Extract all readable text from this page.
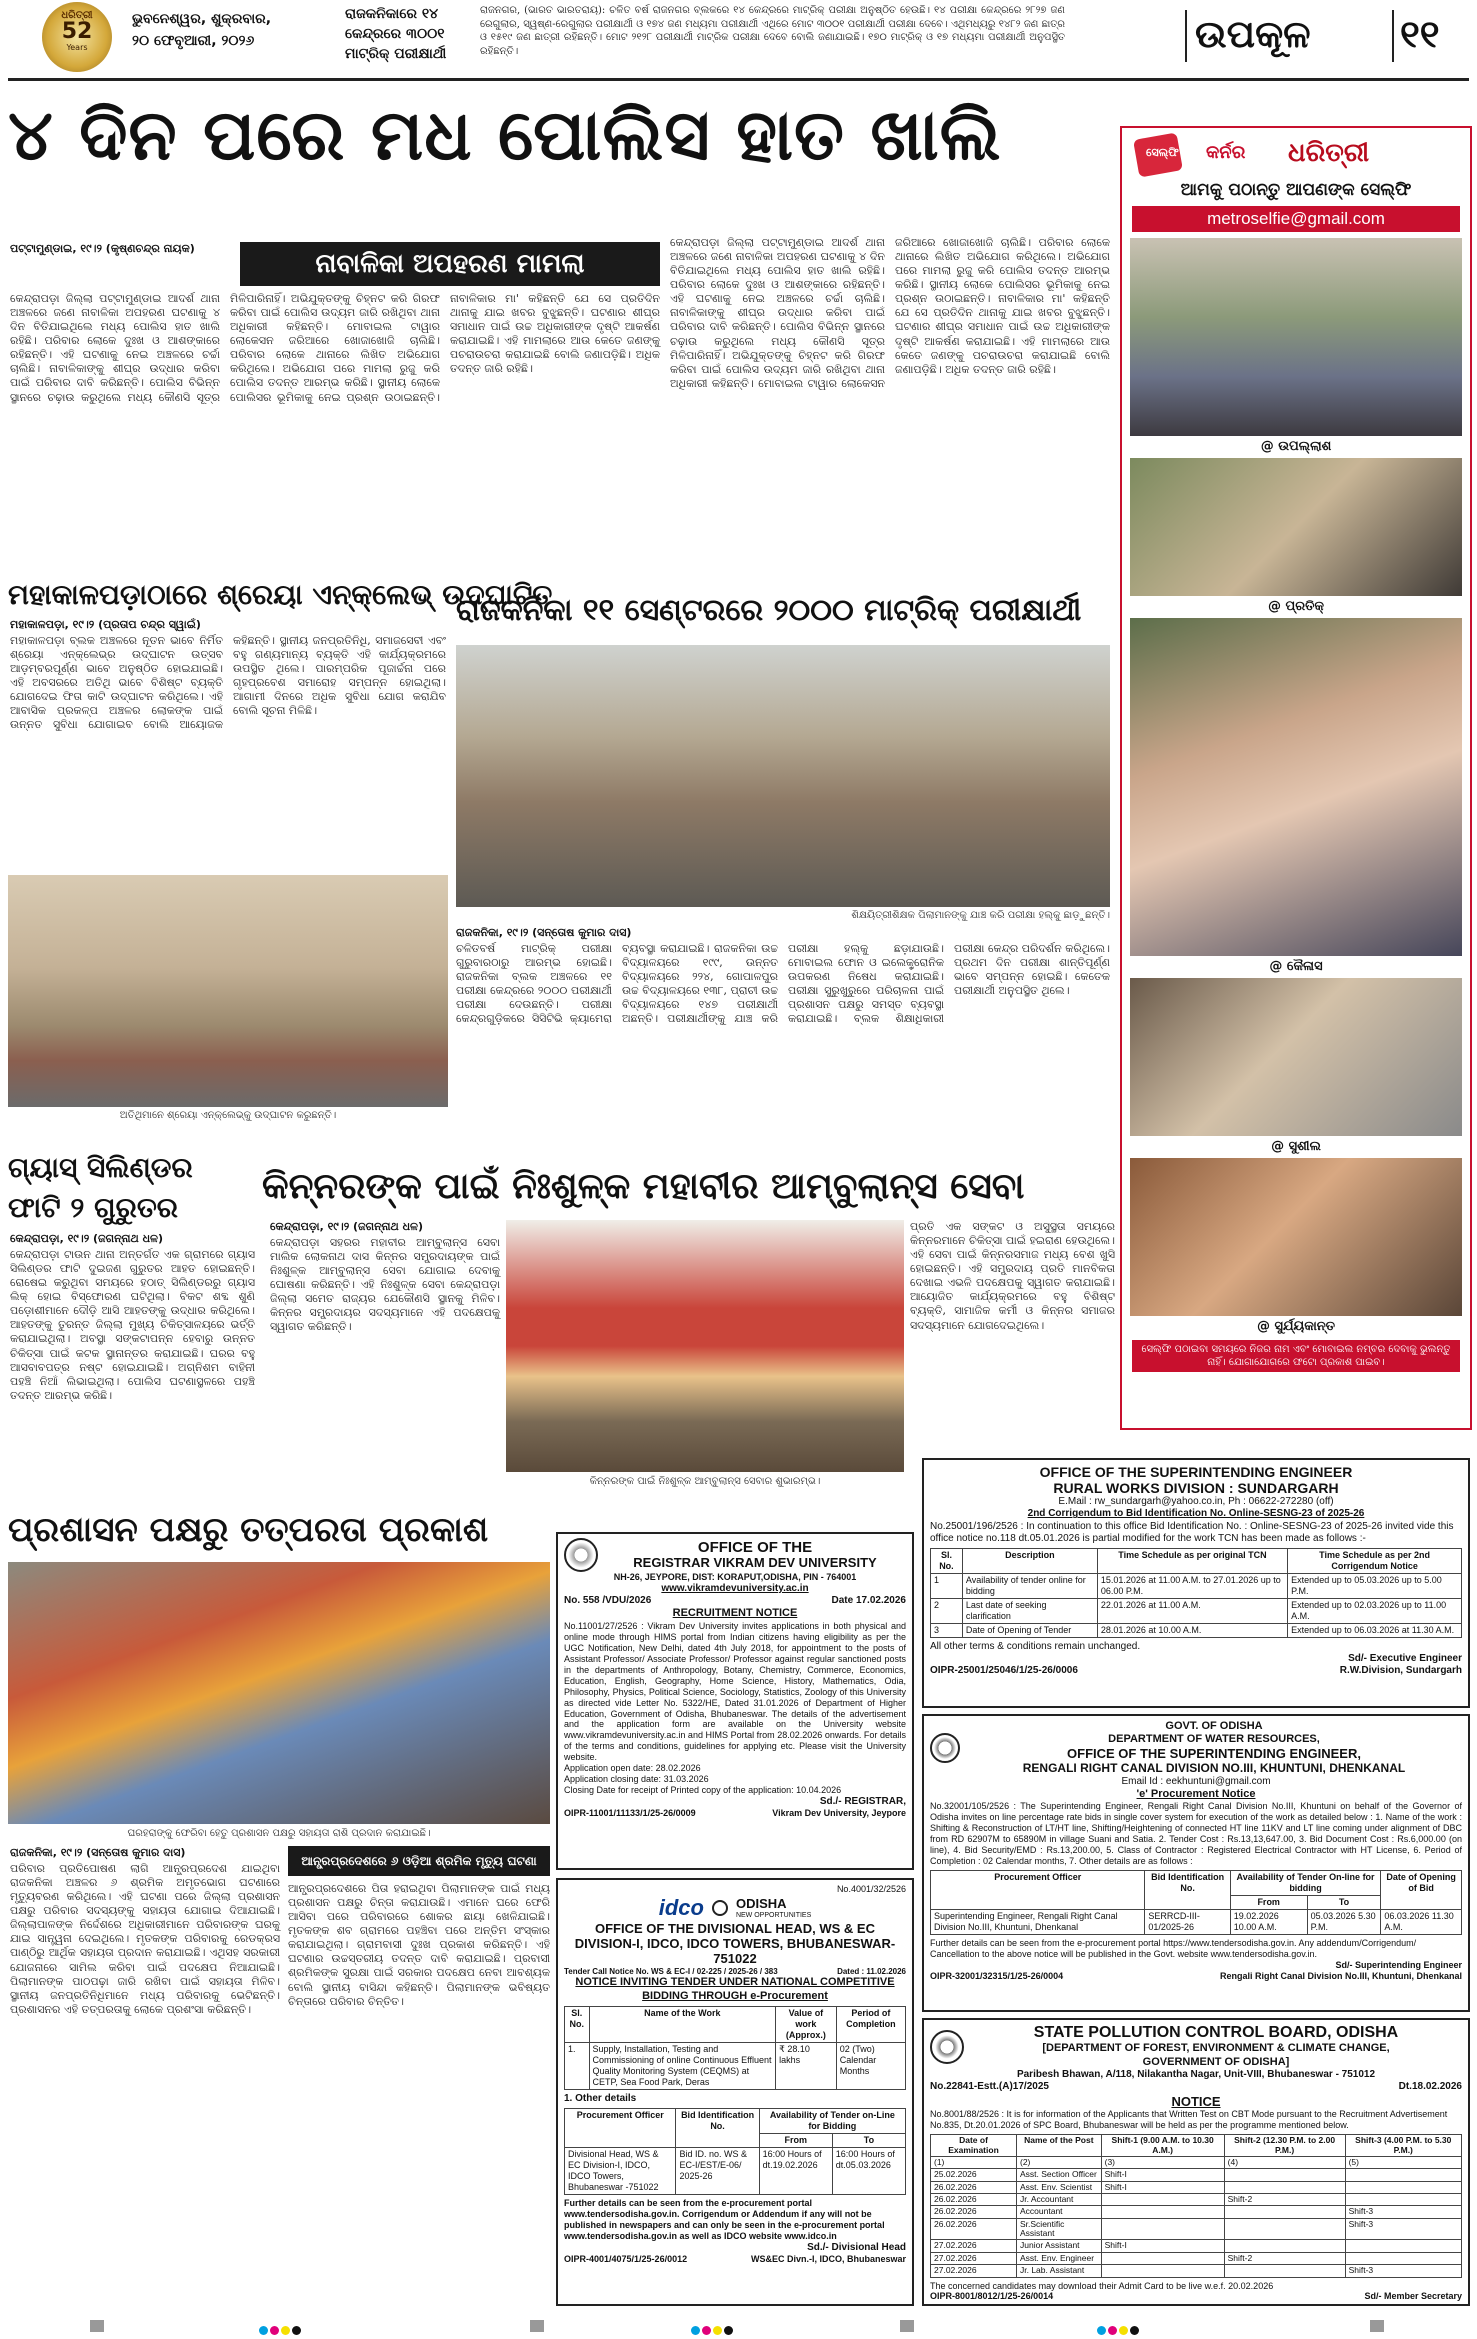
ଧରିତ୍ରୀ
52
Years
ଭୁବନେଶ୍ୱର, ଶୁକ୍ରବାର,
୨୦ ଫେବୃଆରୀ, ୨୦୨୬
ରାଜକନିକାରେ ୧୪
କେନ୍ଦ୍ରରେ ୩୦୦୧
ମାଟ୍ରିକ୍ ପରୀକ୍ଷାର୍ଥୀ
ରାଜନଗର, (ଭାରତ ଭାରତରାୟ): ଚଳିତ ବର୍ଷ ରାଜନଗର ବ୍ଲକରେ ୧୪ କେନ୍ଦ୍ରରେ ମାଟ୍ରିକ୍ ପରୀକ୍ଷା ଅନୁଷ୍ଠିତ ହେଉଛି। ୧୪ ପରୀକ୍ଷା କେନ୍ଦ୍ରରେ ୨୮୨୭ ଜଣ ରେଗୁଲାର, ସ୍ୱଷ୍ଣ-ରେଗୁଲାର ପରୀକ୍ଷାର୍ଥୀ ଓ ୧୭୪ ଜଣ ମଧ୍ୟମା ପରୀକ୍ଷାର୍ଥୀ ଏଥିରେ ମୋଟ ୩୦୦୧ ପରୀକ୍ଷାର୍ଥୀ ପରୀକ୍ଷା ଦେବେ। ଏଥିମଧ୍ୟରୁ ୧୪୮୨ ଜଣ ଛାତ୍ର ଓ ୧୫୧୯ ଜଣ ଛାତ୍ରୀ ରହିଛନ୍ତି। ମୋଟ ୨୧୨୮ ପରୀକ୍ଷାର୍ଥୀ ମାଟ୍ରିକ ପରୀକ୍ଷା ଦେବେ ବୋଲି ଜଣାଯାଇଛି। ୧୭୦ ମାଟ୍ରିକ୍ ଓ ୧୭ ମଧ୍ୟମା ପରୀକ୍ଷାର୍ଥୀ ଅନୁପସ୍ଥିତ ରହିଛନ୍ତି।	ଉପକୂଳ ୧୧
୪ ଦିନ ପରେ ମଧ ପୋଲିସ ହାତ ଖାଲି
ନାବାଳିକା ଅପହରଣ ମାମଲା
ପଟ୍ଟାମୁଣ୍ଡାଇ, ୧୯।୨ (କୃଷ୍ଣଚନ୍ଦ୍ର ନାୟକ)
କେନ୍ଦ୍ରାପଡ଼ା ଜିଲ୍ଲା ପଟ୍ଟାମୁଣ୍ଡାଇ ଆଦର୍ଶ ଥାନା ଅଞ୍ଚଳରେ ଜଣେ ନାବାଳିକା ଅପହରଣ ଘଟଣାକୁ ୪ ଦିନ ବିତିଯାଇଥିଲେ ମଧ୍ୟ ପୋଲିସ ହାତ ଖାଲି ରହିଛି। ପରିବାର ଲୋକେ ଦୁଃଖ ଓ ଆଶଙ୍କାରେ ରହିଛନ୍ତି। ଏହି ଘଟଣାକୁ ନେଇ ଅଞ୍ଚଳରେ ଚର୍ଚ୍ଚା ଚାଲିଛି। ନାବାଳିକାଙ୍କୁ ଶୀଘ୍ର ଉଦ୍ଧାର କରିବା ପାଇଁ ପରିବାର ଦାବି କରିଛନ୍ତି। ପୋଲିସ ବିଭିନ୍ନ ସ୍ଥାନରେ ଚଢ଼ାଉ କରୁଥିଲେ ମଧ୍ୟ କୌଣସି ସୂତ୍ର ମିଳିପାରିନାହିଁ। ଅଭିଯୁକ୍ତଙ୍କୁ ଚିହ୍ନଟ କରି ଗିରଫ କରିବା ପାଇଁ ପୋଲିସ ଉଦ୍ୟମ ଜାରି ରଖିଥିବା ଥାନା ଅଧିକାରୀ କହିଛନ୍ତି। ମୋବାଇଲ ଟାୱାର ଲୋକେସନ ଜରିଆରେ ଖୋଜାଖୋଜି ଚାଲିଛି। ପରିବାର ଲୋକେ ଥାନାରେ ଲିଖିତ ଅଭିଯୋଗ କରିଥିଲେ। ଅଭିଯୋଗ ପରେ ମାମଲା ରୁଜୁ କରି ପୋଲିସ ତଦନ୍ତ ଆରମ୍ଭ କରିଛି। ସ୍ଥାନୀୟ ଲୋକେ ପୋଲିସର ଭୂମିକାକୁ ନେଇ ପ୍ରଶ୍ନ ଉଠାଇଛନ୍ତି। ନାବାଳିକାର ମା' କହିଛନ୍ତି ଯେ ସେ ପ୍ରତିଦିନ ଥାନାକୁ ଯାଇ ଖବର ବୁଝୁଛନ୍ତି। ଘଟଣାର ଶୀଘ୍ର ସମାଧାନ ପାଇଁ ଉଚ୍ଚ ଅଧିକାରୀଙ୍କ ଦୃଷ୍ଟି ଆକର୍ଷଣ କରାଯାଇଛି। ଏହି ମାମଲାରେ ଆଉ କେତେ ଜଣଙ୍କୁ ପଚରାଉଚରା କରାଯାଇଛି ବୋଲି ଜଣାପଡ଼ିଛି। ଅଧିକ ତଦନ୍ତ ଜାରି ରହିଛି।
କେନ୍ଦ୍ରାପଡ଼ା ଜିଲ୍ଲା ପଟ୍ଟାମୁଣ୍ଡାଇ ଆଦର୍ଶ ଥାନା ଅଞ୍ଚଳରେ ଜଣେ ନାବାଳିକା ଅପହରଣ ଘଟଣାକୁ ୪ ଦିନ ବିତିଯାଇଥିଲେ ମଧ୍ୟ ପୋଲିସ ହାତ ଖାଲି ରହିଛି। ପରିବାର ଲୋକେ ଦୁଃଖ ଓ ଆଶଙ୍କାରେ ରହିଛନ୍ତି। ଏହି ଘଟଣାକୁ ନେଇ ଅଞ୍ଚଳରେ ଚର୍ଚ୍ଚା ଚାଲିଛି। ନାବାଳିକାଙ୍କୁ ଶୀଘ୍ର ଉଦ୍ଧାର କରିବା ପାଇଁ ପରିବାର ଦାବି କରିଛନ୍ତି। ପୋଲିସ ବିଭିନ୍ନ ସ୍ଥାନରେ ଚଢ଼ାଉ କରୁଥିଲେ ମଧ୍ୟ କୌଣସି ସୂତ୍ର ମିଳିପାରିନାହିଁ। ଅଭିଯୁକ୍ତଙ୍କୁ ଚିହ୍ନଟ କରି ଗିରଫ କରିବା ପାଇଁ ପୋଲିସ ଉଦ୍ୟମ ଜାରି ରଖିଥିବା ଥାନା ଅଧିକାରୀ କହିଛନ୍ତି। ମୋବାଇଲ ଟାୱାର ଲୋକେସନ ଜରିଆରେ ଖୋଜାଖୋଜି ଚାଲିଛି। ପରିବାର ଲୋକେ ଥାନାରେ ଲିଖିତ ଅଭିଯୋଗ କରିଥିଲେ। ଅଭିଯୋଗ ପରେ ମାମଲା ରୁଜୁ କରି ପୋଲିସ ତଦନ୍ତ ଆରମ୍ଭ କରିଛି। ସ୍ଥାନୀୟ ଲୋକେ ପୋଲିସର ଭୂମିକାକୁ ନେଇ ପ୍ରଶ୍ନ ଉଠାଇଛନ୍ତି। ନାବାଳିକାର ମା' କହିଛନ୍ତି ଯେ ସେ ପ୍ରତିଦିନ ଥାନାକୁ ଯାଇ ଖବର ବୁଝୁଛନ୍ତି। ଘଟଣାର ଶୀଘ୍ର ସମାଧାନ ପାଇଁ ଉଚ୍ଚ ଅଧିକାରୀଙ୍କ ଦୃଷ୍ଟି ଆକର୍ଷଣ କରାଯାଇଛି। ଏହି ମାମଲାରେ ଆଉ କେତେ ଜଣଙ୍କୁ ପଚରାଉଚରା କରାଯାଇଛି ବୋଲି ଜଣାପଡ଼ିଛି। ଅଧିକ ତଦନ୍ତ ଜାରି ରହିଛି।
ସେଲ୍ଫି କର୍ନର ଧରିତ୍ରୀ
ଆମକୁ ପଠାନ୍ତୁ ଆପଣଙ୍କ ସେଲ୍ଫି
metroselfie@gmail.com
@ ଉପଲ୍ଲାଶ
@ ପ୍ରତିକ୍
@ କୈଳାସ
@ ସୁଶୀଲ
@ ସୁର୍ଯ୍ୟକାନ୍ତ
ସେଲ୍ଫି ପଠାଇବା ସମୟରେ ନିଜର ନାମ ଏବଂ ମୋବାଇଲ ନମ୍ବର ଦେବାକୁ ଭୁଲନ୍ତୁ ନାହିଁ। ଯୋଗାଯୋଗରେ ଫଟୋ ପ୍ରକାଶ ପାଇବ।
ମହାକାଳପଡ଼ାଠାରେ ଶ୍ରେୟା ଏନ୍‌କ୍ଲେଭ୍ ଉଦ୍‌ଘାଟିତ
ମହାକାଳପଡ଼ା, ୧୯।୨ (ପ୍ରତାପ ଚନ୍ଦ୍ର ସ୍ୱାଇଁ)
ମହାକାଳପଡ଼ା ବ୍ଲକ ଅଞ୍ଚଳରେ ନୂତନ ଭାବେ ନିର୍ମିତ ଶ୍ରେୟା ଏନ୍‌କ୍ଲେଭ୍‌ର ଉଦ୍‌ଘାଟନ ଉତ୍ସବ ଆଡ଼ମ୍ବରପୂର୍ଣ୍ଣ ଭାବେ ଅନୁଷ୍ଠିତ ହୋଇଯାଇଛି। ଏହି ଅବସରରେ ଅତିଥି ଭାବେ ବିଶିଷ୍ଟ ବ୍ୟକ୍ତି ଯୋଗଦେଇ ଫିତା କାଟି ଉଦ୍‌ଘାଟନ କରିଥିଲେ। ଏହି ଆବାସିକ ପ୍ରକଳ୍ପ ଅଞ୍ଚଳର ଲୋକଙ୍କ ପାଇଁ ଉନ୍ନତ ସୁବିଧା ଯୋଗାଇବ ବୋଲି ଆୟୋଜକ କହିଛନ୍ତି। ସ୍ଥାନୀୟ ଜନପ୍ରତିନିଧି, ସମାଜସେବୀ ଏବଂ ବହୁ ଗଣ୍ୟମାନ୍ୟ ବ୍ୟକ୍ତି ଏହି କାର୍ଯ୍ୟକ୍ରମରେ ଉପସ୍ଥିତ ଥିଲେ। ପାରମ୍ପରିକ ପୂଜାର୍ଚ୍ଚନା ପରେ ଗୃହପ୍ରବେଶ ସମାରୋହ ସମ୍ପନ୍ନ ହୋଇଥିଲା। ଆଗାମୀ ଦିନରେ ଅଧିକ ସୁବିଧା ଯୋଗ କରାଯିବ ବୋଲି ସୂଚନା ମିଳିଛି।
ଅତିଥିମାନେ ଶ୍ରେୟା ଏନ୍‌କ୍ଲେଭ୍‌କୁ ଉଦ୍‌ଘାଟନ କରୁଛନ୍ତି।
ରାଜକନିକା ୧୧ ସେଣ୍ଟରରେ ୨୦୦୦ ମାଟ୍ରିକ୍ ପରୀକ୍ଷାର୍ଥୀ
ଶିକ୍ଷୟିତ୍ରୀଶିକ୍ଷକ ପିଲାମାନଙ୍କୁ ଯାଞ୍ଚ କରି ପରୀକ୍ଷା ହଲ୍‌କୁ ଛାଡ଼ୁଛନ୍ତି।
ରାଜକନିକା, ୧୯।୨ (ସନ୍ତୋଷ କୁମାର ଦାସ)
ଚଳିତବର୍ଷ ମାଟ୍ରିକ୍ ପରୀକ୍ଷା ଗୁରୁବାରଠାରୁ ଆରମ୍ଭ ହୋଇଛି। ରାଜକନିକା ବ୍ଲକ ଅଞ୍ଚଳରେ ୧୧ ପରୀକ୍ଷା କେନ୍ଦ୍ରରେ ୨୦୦୦ ପରୀକ୍ଷାର୍ଥୀ ପରୀକ୍ଷା ଦେଉଛନ୍ତି। ପରୀକ୍ଷା କେନ୍ଦ୍ରଗୁଡ଼ିକରେ ସିସିଟିଭି କ୍ୟାମେରା ବ୍ୟବସ୍ଥା କରାଯାଇଛି। ରାଜକନିକା ଉଚ୍ଚ ବିଦ୍ୟାଳୟରେ ୧୯୯, ଉନ୍ନତ ବିଦ୍ୟାଳୟରେ ୨୨୪, ଗୋପାଳପୁର ଉଚ୍ଚ ବିଦ୍ୟାଳୟରେ ୧୩୮, ପ୍ରାଚୀ ଉଚ୍ଚ ବିଦ୍ୟାଳୟରେ ୧୪୭ ପରୀକ୍ଷାର୍ଥୀ ଅଛନ୍ତି। ପରୀକ୍ଷାର୍ଥୀଙ୍କୁ ଯାଞ୍ଚ କରି ପରୀକ୍ଷା ହଲ୍‌କୁ ଛଡ଼ାଯାଉଛି। ମୋବାଇଲ ଫୋନ ଓ ଇଲେକ୍ଟ୍ରୋନିକ ଉପକରଣ ନିଷେଧ କରାଯାଇଛି। ପରୀକ୍ଷା ସୁରୁଖୁରୁରେ ପରିଚାଳନା ପାଇଁ ପ୍ରଶାସନ ପକ୍ଷରୁ ସମସ୍ତ ବ୍ୟବସ୍ଥା କରାଯାଇଛି। ବ୍ଲକ ଶିକ୍ଷାଧିକାରୀ ପରୀକ୍ଷା କେନ୍ଦ୍ର ପରିଦର୍ଶନ କରିଥିଲେ। ପ୍ରଥମ ଦିନ ପରୀକ୍ଷା ଶାନ୍ତିପୂର୍ଣ୍ଣ ଭାବେ ସମ୍ପନ୍ନ ହୋଇଛି। କେତେକ ପରୀକ୍ଷାର୍ଥୀ ଅନୁପସ୍ଥିତ ଥିଲେ।
ଗ୍ୟାସ୍ ସିଲିଣ୍ଡର
ଫାଟି ୨ ଗୁରୁତର
କେନ୍ଦ୍ରାପଡ଼ା, ୧୯।୨ (ଜଗନ୍ନାଥ ଧଳ)
କେନ୍ଦ୍ରାପଡ଼ା ଟାଉନ ଥାନା ଅନ୍ତର୍ଗତ ଏକ ଗ୍ରାମରେ ଗ୍ୟାସ ସିଲିଣ୍ଡର ଫାଟି ଦୁଇଜଣ ଗୁରୁତର ଆହତ ହୋଇଛନ୍ତି। ରୋଷେଇ କରୁଥିବା ସମୟରେ ହଠାତ୍ ସିଲିଣ୍ଡରରୁ ଗ୍ୟାସ ଲିକ୍ ହୋଇ ବିସ୍ଫୋରଣ ଘଟିଥିଲା। ବିକଟ ଶବ୍ଦ ଶୁଣି ପଡ଼ୋଶୀମାନେ ଦୌଡ଼ି ଆସି ଆହତଙ୍କୁ ଉଦ୍ଧାର କରିଥିଲେ। ଆହତଙ୍କୁ ତୁରନ୍ତ ଜିଲ୍ଲା ମୁଖ୍ୟ ଚିକିତ୍ସାଳୟରେ ଭର୍ତ୍ତି କରାଯାଇଥିଲା। ଅବସ୍ଥା ସଙ୍କଟାପନ୍ନ ହେବାରୁ ଉନ୍ନତ ଚିକିତ୍ସା ପାଇଁ କଟକ ସ୍ଥାନାନ୍ତର କରାଯାଇଛି। ଘରର ବହୁ ଆସବାବପତ୍ର ନଷ୍ଟ ହୋଇଯାଇଛି। ଅଗ୍ନିଶମ ବାହିନୀ ପହଞ୍ଚି ନିଆଁ ଲିଭାଇଥିଲା। ପୋଲିସ ଘଟଣାସ୍ଥଳରେ ପହଞ୍ଚି ତଦନ୍ତ ଆରମ୍ଭ କରିଛି।
କିନ୍ନରଙ୍କ ପାଇଁ ନିଃଶୁଳ୍କ ମହାବୀର ଆମ୍ବୁଲାନ୍ସ ସେବା
କେନ୍ଦ୍ରାପଡ଼ା, ୧୯।୨ (ଜଗନ୍ନାଥ ଧଳ)
କେନ୍ଦ୍ରାପଡ଼ା ସହରର ମହାବୀର ଆମ୍ବୁଲାନ୍ସ ସେବା ମାଲିକ ଲୋକନାଥ ଦାସ କିନ୍ନର ସମ୍ପ୍ରଦାୟଙ୍କ ପାଇଁ ନିଃଶୁଳ୍କ ଆମ୍ବୁଲାନ୍ସ ସେବା ଯୋଗାଇ ଦେବାକୁ ଘୋଷଣା କରିଛନ୍ତି। ଏହି ନିଃଶୁଳ୍କ ସେବା କେନ୍ଦ୍ରାପଡ଼ା ଜିଲ୍ଲା ସମେତ ରାଜ୍ୟର ଯେକୌଣସି ସ୍ଥାନକୁ ମିଳିବ। କିନ୍ନର ସମ୍ପ୍ରଦାୟର ସଦସ୍ୟମାନେ ଏହି ପଦକ୍ଷେପକୁ ସ୍ୱାଗତ କରିଛନ୍ତି।
କିନ୍ନରଙ୍କ ପାଇଁ ନିଃଶୁଳ୍କ ଆମ୍ବୁଲାନ୍ସ ସେବାର ଶୁଭାରମ୍ଭ।
ପ୍ରତି ଏକ ସଙ୍କଟ ଓ ଅସୁସ୍ଥତା ସମୟରେ କିନ୍ନରମାନେ ଚିକିତ୍ସା ପାଇଁ ହଇରାଣ ହେଉଥିଲେ। ଏହି ସେବା ପାଇଁ କିନ୍ନରସମାଜ ମଧ୍ୟ ବେଶ ଖୁସି ହୋଇଛନ୍ତି। ଏହି ସମ୍ପ୍ରଦାୟ ପ୍ରତି ମାନବିକତା ଦେଖାଇ ଏଭଳି ପଦକ୍ଷେପକୁ ସ୍ୱାଗତ କରାଯାଇଛି। ଆୟୋଜିତ କାର୍ଯ୍ୟକ୍ରମରେ ବହୁ ବିଶିଷ୍ଟ ବ୍ୟକ୍ତି, ସାମାଜିକ କର୍ମୀ ଓ କିନ୍ନର ସମାଜର ସଦସ୍ୟମାନେ ଯୋଗଦେଇଥିଲେ।
ପ୍ରଶାସନ ପକ୍ଷରୁ ତତ୍ପରତା ପ୍ରକାଶ
ଘରହରାଙ୍କୁ ଫେରିବା ହେତୁ ପ୍ରଶାସନ ପକ୍ଷରୁ ସହାୟତା ରାଶି ପ୍ରଦାନ କରାଯାଇଛି।
ରାଜକନିକା, ୧୯।୨ (ସନ୍ତୋଷ କୁମାର ଦାସ)
ପରିବାର ପ୍ରତିପୋଷଣ ଲାଗି ଆନ୍ଧ୍ରପ୍ରଦେଶ ଯାଇଥିବା ରାଜକନିକା ଅଞ୍ଚଳର ୬ ଶ୍ରମିକ ଅମୃତଭୋଗ ଘଟଣାରେ ମୃତ୍ୟୁବରଣ କରିଥିଲେ। ଏହି ଘଟଣା ପରେ ଜିଲ୍ଲା ପ୍ରଶାସନ ପକ୍ଷରୁ ପରିବାର ସଦସ୍ୟଙ୍କୁ ସହାୟତା ଯୋଗାଇ ଦିଆଯାଇଛି। ଜିଲ୍ଲାପାଳଙ୍କ ନିର୍ଦ୍ଦେଶରେ ଅଧିକାରୀମାନେ ପରିବାରଙ୍କ ଘରକୁ ଯାଇ ସାନ୍ତ୍ୱନା ଦେଇଥିଲେ। ମୃତକଙ୍କ ପରିବାରକୁ ରେଡକ୍ରସ ପାଣ୍ଠିରୁ ଆର୍ଥିକ ସହାୟତା ପ୍ରଦାନ କରାଯାଇଛି। ଏଥିସହ ସରକାରୀ ଯୋଜନାରେ ସାମିଲ କରିବା ପାଇଁ ପଦକ୍ଷେପ ନିଆଯାଇଛି। ପିଲାମାନଙ୍କ ପାଠପଢ଼ା ଜାରି ରଖିବା ପାଇଁ ସହାୟତା ମିଳିବ। ସ୍ଥାନୀୟ ଜନପ୍ରତିନିଧିମାନେ ମଧ୍ୟ ପରିବାରକୁ ଭେଟିଛନ୍ତି। ପ୍ରଶାସନର ଏହି ତତ୍ପରତାକୁ ଲୋକେ ପ୍ରଶଂସା କରିଛନ୍ତି।
ଆନ୍ଧ୍ରପ୍ରଦେଶରେ ୬ ଓଡ଼ିଆ ଶ୍ରମିକ ମୃତ୍ୟୁ ଘଟଣା
ଆନ୍ଧ୍ରପ୍ରଦେଶରେ ପିତା ହରାଇଥିବା ପିଲାମାନଙ୍କ ପାଇଁ ମଧ୍ୟ ପ୍ରଶାସନ ପକ୍ଷରୁ ଚିନ୍ତା କରାଯାଉଛି। ଏମାନେ ଘରେ ଫେରି ଆସିବା ପରେ ପରିବାରରେ ଶୋକର ଛାୟା ଖେଳିଯାଇଛି। ମୃତକଙ୍କ ଶବ ଗ୍ରାମରେ ପହଞ୍ଚିବା ପରେ ଅନ୍ତିମ ସଂସ୍କାର କରାଯାଇଥିଲା। ଗ୍ରାମବାସୀ ଦୁଃଖ ପ୍ରକାଶ କରିଛନ୍ତି। ଏହି ଘଟଣାର ଉଚ୍ଚସ୍ତରୀୟ ତଦନ୍ତ ଦାବି କରାଯାଇଛି। ପ୍ରବାସୀ ଶ୍ରମିକଙ୍କ ସୁରକ୍ଷା ପାଇଁ ସରକାର ପଦକ୍ଷେପ ନେବା ଆବଶ୍ୟକ ବୋଲି ସ୍ଥାନୀୟ ବାସିନ୍ଦା କହିଛନ୍ତି। ପିଲାମାନଙ୍କ ଭବିଷ୍ୟତ ଚିନ୍ତାରେ ପରିବାର ଚିନ୍ତିତ।
OFFICE OF THE SUPERINTENDING ENGINEER
RURAL WORKS DIVISION : SUNDARGARH
E.Mail : rw_sundargarh@yahoo.co.in, Ph : 06622-272280 (off)
2nd Corrigendum to Bid Identification No. Online-SESNG-23 of 2025-26
No.25001/196/2526 : In continuation to this office Bid Identification No. : Online-SESNG-23 of 2025-26 invited vide this office notice no.118 dt.05.01.2026 is partial modified for the work TCN has been made as follows :-
Sl. No.	Description	Time Schedule as per original TCN	Time Schedule as per 2nd Corrigendum Notice
1	Availability of tender online for bidding	15.01.2026 at 11.00 A.M. to 27.01.2026 up to 06.00 P.M.	Extended up to 05.03.2026 up to 5.00 P.M.
2	Last date of seeking clarification	22.01.2026 at 11.00 A.M.	Extended up to 02.03.2026 up to 11.00 A.M.
3	Date of Opening of Tender	28.01.2026 at 10.00 A.M.	Extended up to 06.03.2026 at 11.30 A.M.
All other terms & conditions remain unchanged.
Sd/- Executive Engineer
OIPR-25001/25046/1/25-26/0006	R.W.Division, Sundargarh
OFFICE OF THE
REGISTRAR VIKRAM DEV UNIVERSITY
NH-26, JEYPORE, DIST: KORAPUT,ODISHA, PIN - 764001
www.vikramdevuniversity.ac.in
No. 558 /VDU/2026	Date 17.02.2026
RECRUITMENT NOTICE
No.11001/27/2526 : Vikram Dev University invites applications in both physical and online mode through HIMS portal from Indian citizens having eligibility as per the UGC Notification, New Delhi, dated 4th July 2018, for appointment to the posts of Assistant Professor/ Associate Professor/ Professor against regular sanctioned posts in the departments of Anthropology, Botany, Chemistry, Commerce, Economics, Education, English, Geography, Home Science, History, Mathematics, Odia, Philosophy, Physics, Political Science, Sociology, Statistics, Zoology of this University as directed vide Letter No. 5322/HE, Dated 31.01.2026 of Department of Higher Education, Government of Odisha, Bhubaneswar. The details of the advertisement and the application form are available on the University website www.vikramdevuniversity.ac.in and HIMS Portal from 28.02.2026 onwards. For details of the terms and conditions, guidelines for applying etc. Please visit the University website.
Application open date: 28.02.2026
Application closing date: 31.03.2026
Closing Date for receipt of Printed copy of the application: 10.04.2026
Sd./- REGISTRAR,
OIPR-11001/11133/1/25-26/0009	Vikram Dev University, Jeypore
No.4001/32/2526
idco ODISHA
NEW OPPORTUNITIES
OFFICE OF THE DIVISIONAL HEAD, WS & EC DIVISION-I, IDCO, IDCO TOWERS, BHUBANESWAR-751022
Tender Call Notice No. WS & EC-I / 02-225 / 2025-26 / 383	Dated : 11.02.2026
NOTICE INVITING TENDER UNDER NATIONAL COMPETITIVE BIDDING THROUGH e-Procurement
Sl. No.	Name of the Work	Value of work (Approx.)	Period of Completion
1.	Supply, Installation, Testing and Commissioning of online Continuous Effluent Quality Monitoring System (CEQMS) at CETP, Sea Food Park, Deras	₹ 28.10 lakhs	02 (Two) Calendar Months
1. Other details
Procurement Officer	Bid Identification No.	Availability of Tender on-Line for Bidding	
		From	To
Divisional Head, WS & EC Division-I, IDCO, IDCO Towers, Bhubaneswar -751022	Bid ID. no. WS & EC-I/EST/E-06/ 2025-26	16:00 Hours of dt.19.02.2026	16:00 Hours of dt.05.03.2026
Further details can be seen from the e-procurement portal www.tendersodisha.gov.in. Corrigendum or Addendum if any will not be published in newspapers and can only be seen in the e-procurement portal www.tendersodisha.gov.in as well as IDCO website www.idco.in
Sd./- Divisional Head
OIPR-4001/4075/1/25-26/0012	WS&EC Divn.-I, IDCO, Bhubaneswar
GOVT. OF ODISHA
DEPARTMENT OF WATER RESOURCES,
OFFICE OF THE SUPERINTENDING ENGINEER,
RENGALI RIGHT CANAL DIVISION NO.III, KHUNTUNI, DHENKANAL
Email Id : eekhuntuni@gmail.com
'e' Procurement Notice
No.32001/105/2526 : The Superintending Engineer, Rengali Right Canal Division No.III, Khuntuni on behalf of the Governor of Odisha invites on line percentage rate bids in single cover system for execution of the work as detailed below : 1. Name of the work : Shifting & Reconstruction of LT/HT line, Shifting/Heightening of connected HT line 11KV and LT line coming under alignment of DBC from RD 62907M to 65890M in village Suani and Satia. 2. Tender Cost : Rs.13,13,647.00, 3. Bid Document Cost : Rs.6,000.00 (on line), 4. Bid Security/EMD : Rs.13,200.00, 5. Class of Contractor : Registered Electrical Contractor with HT License, 6. Period of Completion : 02 Calendar months, 7. Other details are as follows :
Procurement Officer	Bid Identification No.	Availability of Tender On-line for bidding		Date of Opening of Bid
		From	To	
Superintending Engineer, Rengali Right Canal Division No.III, Khuntuni, Dhenkanal	SERRCD-III-01/2025-26	19.02.2026 10.00 A.M.	05.03.2026 5.30 P.M.	06.03.2026 11.30 A.M.
Further details can be seen from the e-procurement portal https://www.tendersodisha.gov.in. Any addendum/Corrigendum/ Cancellation to the above notice will be published in the Govt. website www.tendersodisha.gov.in.
Sd/- Superintending Engineer
OIPR-32001/32315/1/25-26/0004	Rengali Right Canal Division No.III, Khuntuni, Dhenkanal
STATE POLLUTION CONTROL BOARD, ODISHA
[DEPARTMENT OF FOREST, ENVIRONMENT & CLIMATE CHANGE,
GOVERNMENT OF ODISHA]
Paribesh Bhawan, A/118, Nilakantha Nagar, Unit-VIII, Bhubaneswar - 751012
No.22841-Estt.(A)17/2025	Dt.18.02.2026
NOTICE
No.8001/88/2526 : It is for information of the Applicants that Written Test on CBT Mode pursuant to the Recruitment Advertisement No.835, Dt.20.01.2026 of SPC Board, Bhubaneswar will be held as per the programme mentioned below.
Date of Examination	Name of the Post	Shift-1 (9.00 A.M. to 10.30 A.M.)	Shift-2 (12.30 P.M. to 2.00 P.M.)	Shift-3 (4.00 P.M. to 5.30 P.M.)
(1)	(2)	(3)	(4)	(5)
25.02.2026	Asst. Section Officer	Shift-I		
26.02.2026	Asst. Env. Scientist	Shift-I		
26.02.2026	Jr. Accountant		Shift-2	
26.02.2026	Accountant			Shift-3
26.02.2026	Sr.Scientific Assistant			Shift-3
27.02.2026	Junior Assistant	Shift-I		
27.02.2026	Asst. Env. Engineer		Shift-2	
27.02.2026	Jr. Lab. Assistant			Shift-3
The concerned candidates may download their Admit Card to be live w.e.f. 20.02.2026
OIPR-8001/8012/1/25-26/0014	Sd/- Member Secretary
